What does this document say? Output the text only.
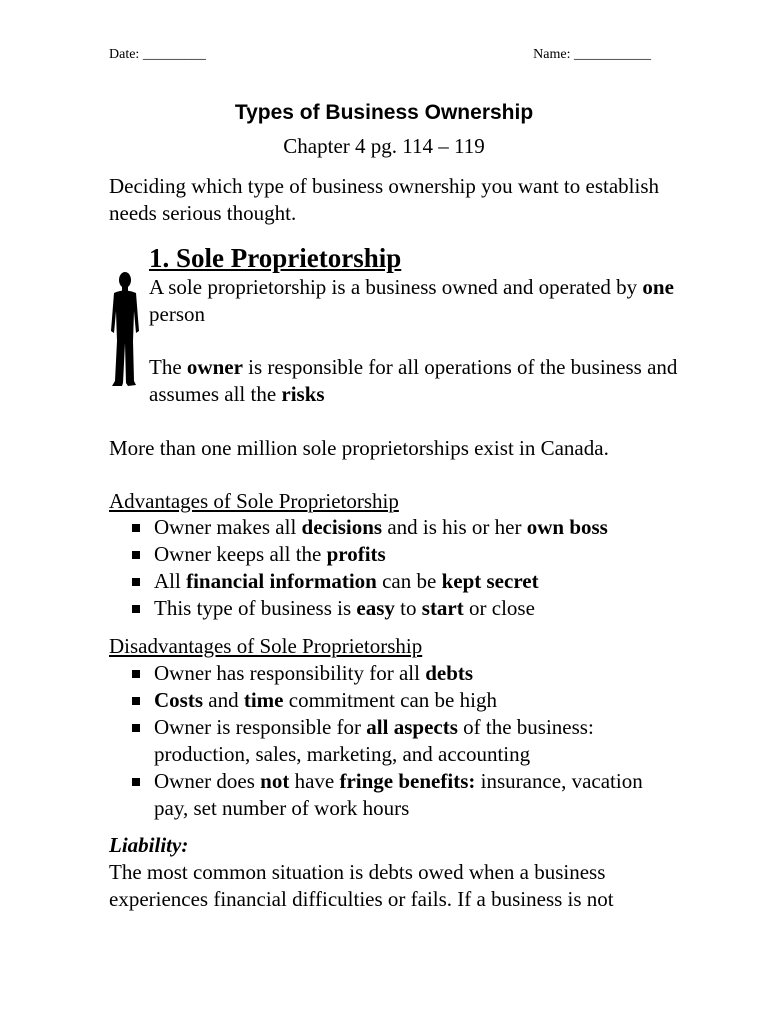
Date: _________	Name: ___________
Types of Business Ownership
Chapter 4 pg. 114 – 119
Deciding which type of business ownership you want to establish needs serious thought.
1. Sole Proprietorship
A sole proprietorship is a business owned and operated by one person
The owner is responsible for all operations of the business and assumes all the risks
More than one million sole proprietorships exist in Canada.
Advantages of Sole Proprietorship
Owner makes all decisions and is his or her own boss
Owner keeps all the profits
All financial information can be kept secret
This type of business is easy to start or close
Disadvantages of Sole Proprietorship
Owner has responsibility for all debts
Costs and time commitment can be high
Owner is responsible for all aspects of the business: production, sales, marketing, and accounting
Owner does not have fringe benefits: insurance, vacation pay, set number of work hours
Liability:
The most common situation is debts owed when a business experiences financial difficulties or fails. If a business is not
